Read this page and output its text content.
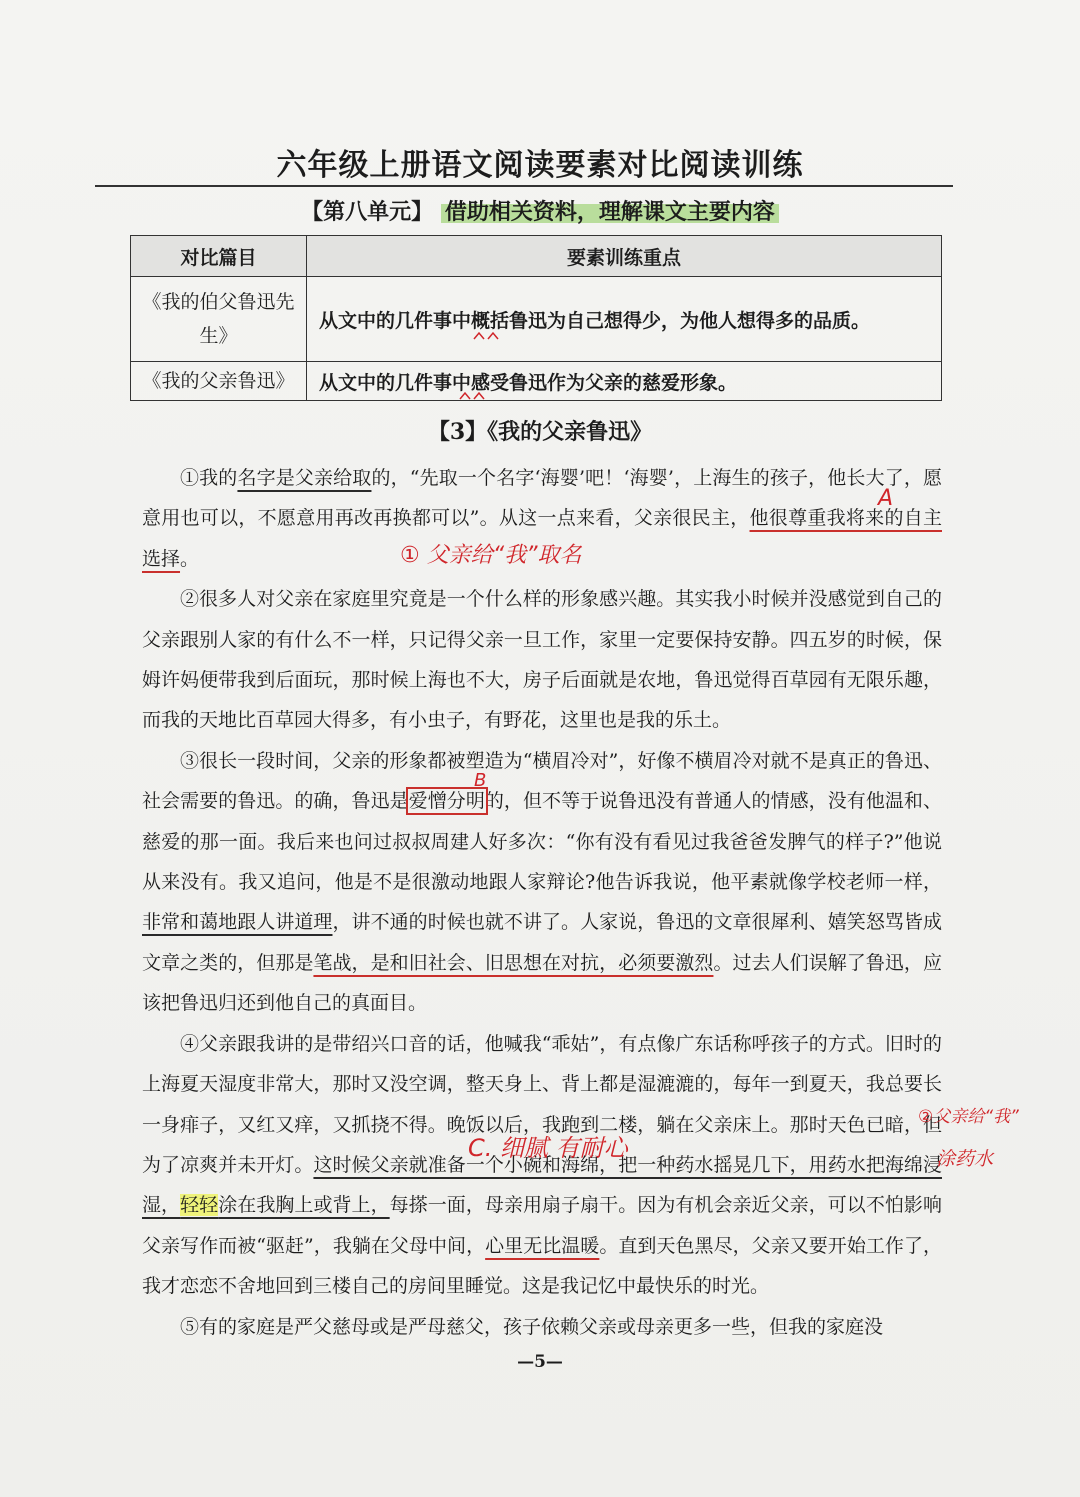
六年级上册语文阅读要素对比阅读训练
【第八单元】 借助相关资料，理解课文主要内容
对比篇目	要素训练重点
《我的伯父鲁迅先生》	从文中的几件事中概括鲁迅为自己想得少，为他人想得多的品质。
《我的父亲鲁迅》	从文中的几件事中感受鲁迅作为父亲的慈爱形象。
【3】《我的父亲鲁迅》

①我的名字是父亲给取的，“先取一个名字‘海婴’吧！‘海婴’，上海生的孩子，他长大了，愿意用也可以，不愿意用再改再换都可以”。从这一点来看，父亲很民主，他很尊重我将来的自主选择。

②很多人对父亲在家庭里究竟是一个什么样的形象感兴趣。其实我小时候并没感觉到自己的父亲跟别人家的有什么不一样，只记得父亲一旦工作，家里一定要保持安静。四五岁的时候，保姆许妈便带我到后面玩，那时候上海也不大，房子后面就是农地，鲁迅觉得百草园有无限乐趣，而我的天地比百草园大得多，有小虫子，有野花，这里也是我的乐土。

③很长一段时间，父亲的形象都被塑造为“横眉冷对”，好像不横眉冷对就不是真正的鲁迅、社会需要的鲁迅。的确，鲁迅是爱憎分明的，但不等于说鲁迅没有普通人的情感，没有他温和、慈爱的那一面。我后来也问过叔叔周建人好多次：“你有没有看见过我爸爸发脾气的样子?”他说从来没有。我又追问，他是不是很激动地跟人家辩论?他告诉我说，他平素就像学校老师一样，非常和蔼地跟人讲道理，讲不通的时候也就不讲了。人家说，鲁迅的文章很犀利、嬉笑怒骂皆成文章之类的，但那是笔战，是和旧社会、旧思想在对抗，必须要激烈。过去人们误解了鲁迅，应该把鲁迅归还到他自己的真面目。

④父亲跟我讲的是带绍兴口音的话，他喊我“乖姑”，有点像广东话称呼孩子的方式。旧时的上海夏天湿度非常大，那时又没空调，整天身上、背上都是湿漉漉的，每年一到夏天，我总要长一身痱子，又红又痒，又抓挠不得。晚饭以后，我跑到二楼，躺在父亲床上。那时天色已暗，但为了凉爽并未开灯。这时候父亲就准备一个小碗和海绵，把一种药水摇晃几下，用药水把海绵浸湿，轻轻涂在我胸上或背上，每搽一面，母亲用扇子扇干。因为有机会亲近父亲，可以不怕影响父亲写作而被“驱赶”，我躺在父母中间，心里无比温暖。直到天色黑尽，父亲又要开始工作了，我才恋恋不舍地回到三楼自己的房间里睡觉。这是我记忆中最快乐的时光。

⑤有的家庭是严父慈母或是严母慈父，孩子依赖父亲或母亲更多一些，但我的家庭没

—5—
A
① 父亲给“我”取名
B
C. 细腻 有耐心
②父亲给“我”
涂药水
